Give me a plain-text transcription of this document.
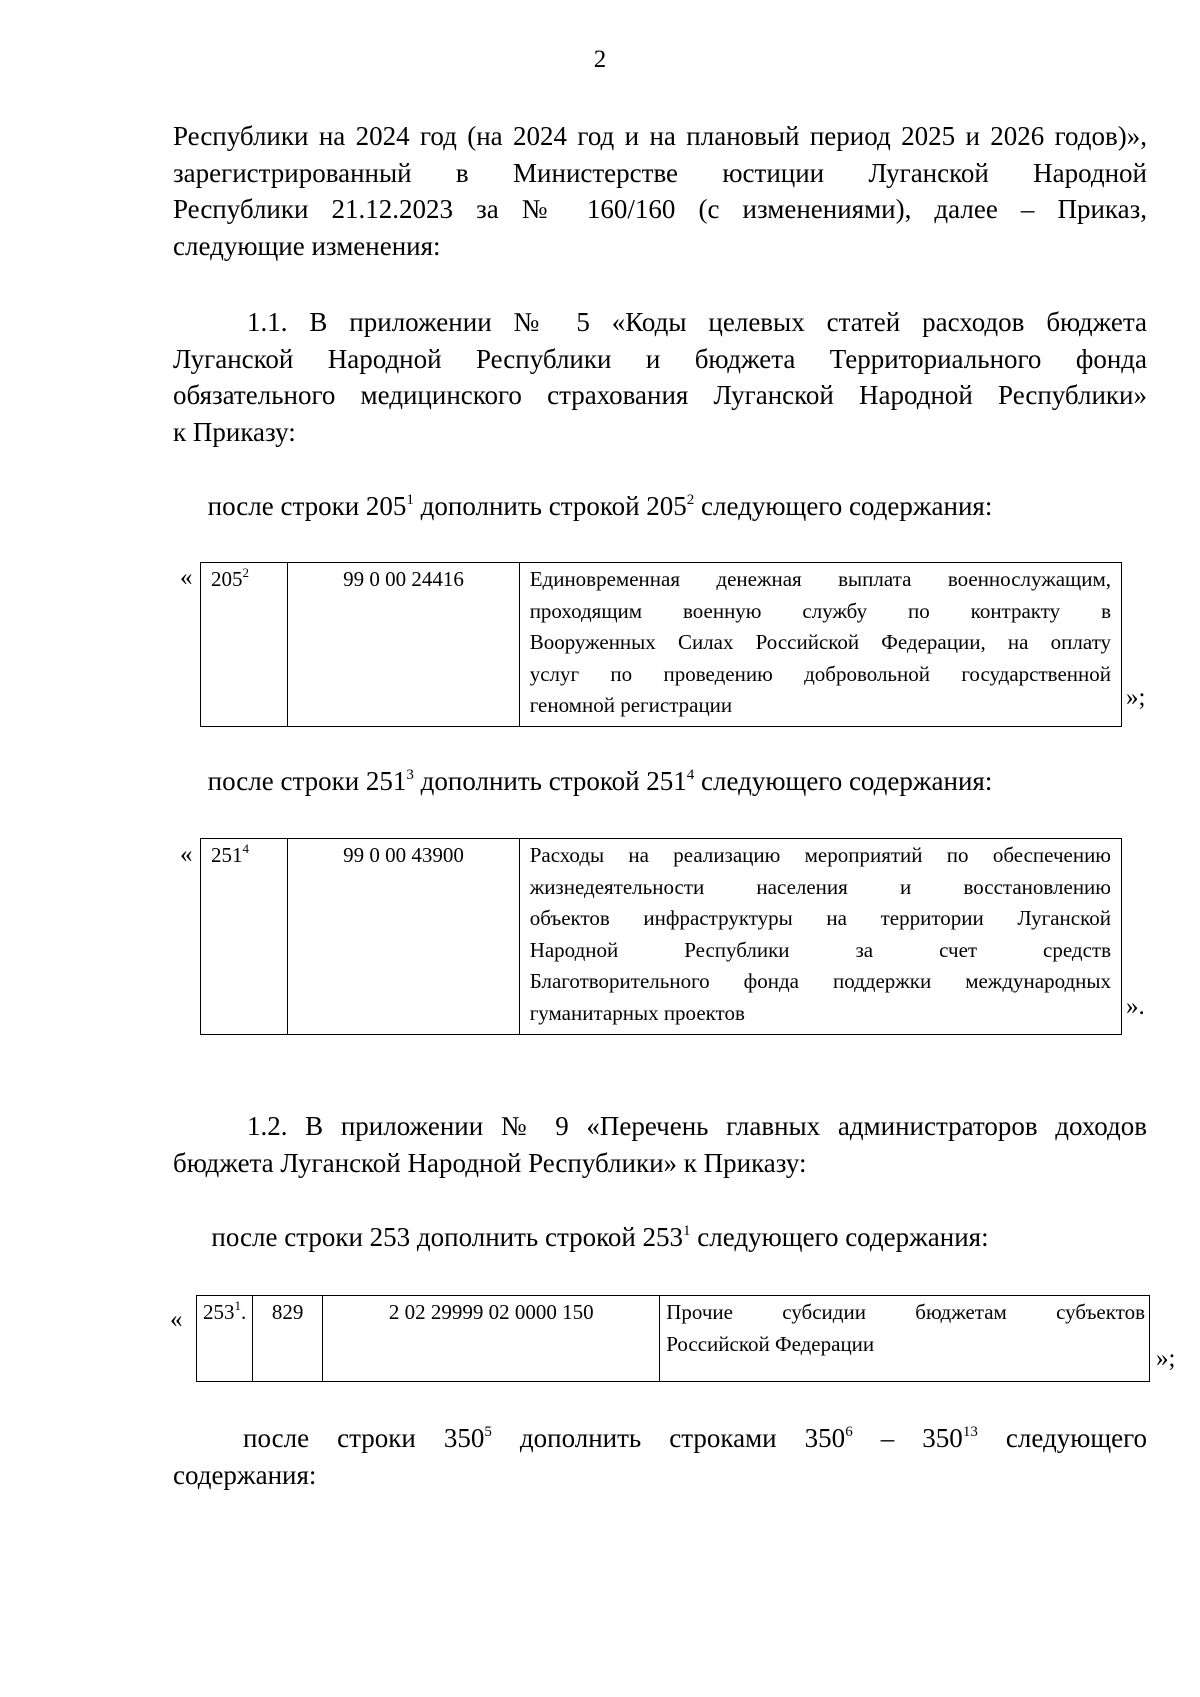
2
Республики на 2024 год (на 2024 год и на плановый период 2025 и 2026 годов)»,
зарегистрированный в Министерстве юстиции Луганской Народной
Республики 21.12.2023 за № 160/160 (с изменениями), далее – Приказ,
следующие изменения:
1.1. В приложении № 5 «Коды целевых статей расходов бюджета
Луганской Народной Республики и бюджета Территориального фонда
обязательного медицинского страхования Луганской Народной Республики»
к Приказу:
после строки $205^1$ дополнить строкой $205^2$ следующего содержания:
« $205^2$	99 0 00 24416	Единовременная денежная выплата военнослужащим,
проходящим военную службу по контракту в
Вооруженных Силах Российской Федерации, на оплату
услуг по проведению добровольной государственной
геномной регистрации	»;
после строки $251^3$ дополнить строкой $251^4$ следующего содержания:
« $251^4$	99 0 00 43900	Расходы на реализацию мероприятий по обеспечению
жизнедеятельности населения и восстановлению
объектов инфраструктуры на территории Луганской
Народной Республики за счет средств
Благотворительного фонда поддержки международных
гуманитарных проектов	».
1.2. В приложении № 9 «Перечень главных администраторов доходов
бюджета Луганской Народной Республики» к Приказу:
после строки 253 дополнить строкой $253^1$ следующего содержания:
« $253^1$.	829	2 02 29999 02 0000 150	Прочие субсидии бюджетам субъектов
Российской Федерации
»;
после строки $350^5$ дополнить строками $350^6 - 350^{13}$ следующего
содержания:
